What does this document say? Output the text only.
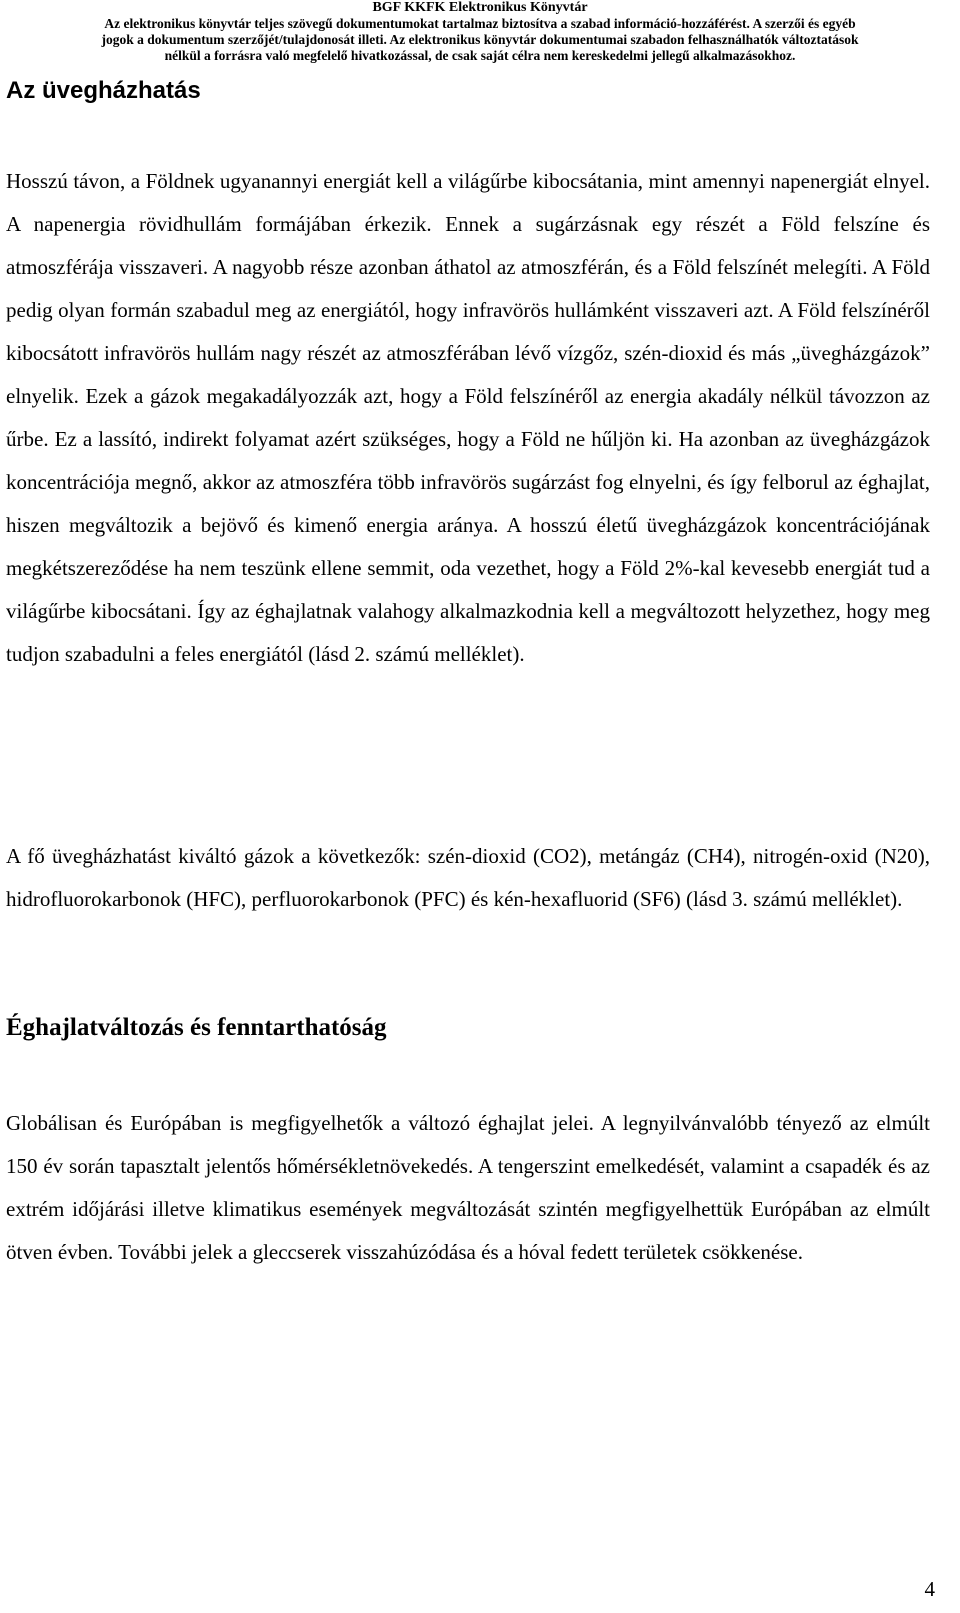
BGF KKFK Elektronikus Könyvtár
Az elektronikus könyvtár teljes szövegű dokumentumokat tartalmaz biztosítva a szabad információ-hozzáférést. A szerzői és egyéb
jogok a dokumentum szerzőjét/tulajdonosát illeti. Az elektronikus könyvtár dokumentumai szabadon felhasználhatók változtatások
nélkül a forrásra való megfelelő hivatkozással, de csak saját célra nem kereskedelmi jellegű alkalmazásokhoz.
Az üvegházhatás

Hosszú távon, a Földnek ugyanannyi energiát kell a világűrbe kibocsátania, mint amennyi napenergiát elnyel. A napenergia rövidhullám formájában érkezik. Ennek a sugárzásnak egy részét a Föld felszíne és atmoszférája visszaveri. A nagyobb része azonban áthatol az atmoszférán, és a Föld felszínét melegíti. A Föld pedig olyan formán szabadul meg az energiától, hogy infravörös hullámként visszaveri azt. A Föld felszínéről kibocsátott infravörös hullám nagy részét az atmoszférában lévő vízgőz, szén-dioxid és más „üvegházgázok” elnyelik. Ezek a gázok megakadályozzák azt, hogy a Föld felszínéről az energia akadály nélkül távozzon az űrbe. Ez a lassító, indirekt folyamat azért szükséges, hogy a Föld ne hűljön ki. Ha azonban az üvegházgázok koncentrációja megnő, akkor az atmoszféra több infravörös sugárzást fog elnyelni, és így felborul az éghajlat, hiszen megváltozik a bejövő és kimenő energia aránya. A hosszú életű üvegházgázok koncentrációjának megkétszereződése ha nem teszünk ellene semmit, oda vezethet, hogy a Föld 2%-kal kevesebb energiát tud a világűrbe kibocsátani. Így az éghajlatnak valahogy alkalmazkodnia kell a megváltozott helyzethez, hogy meg tudjon szabadulni a feles energiától (lásd 2. számú melléklet).

A fő üvegházhatást kiváltó gázok a következők: szén-dioxid (CO2), metángáz (CH4), nitrogén-oxid (N20), hidrofluorokarbonok (HFC), perfluorokarbonok (PFC) és kén-hexafluorid (SF6) (lásd 3. számú melléklet).

Éghajlatváltozás és fenntarthatóság

Globálisan és Európában is megfigyelhetők a változó éghajlat jelei. A legnyilvánvalóbb tényező az elmúlt 150 év során tapasztalt jelentős hőmérsékletnövekedés. A tengerszint emelkedését, valamint a csapadék és az extrém időjárási illetve klimatikus események megváltozását szintén megfigyelhettük Európában az elmúlt ötven évben. További jelek a gleccserek visszahúzódása és a hóval fedett területek csökkenése.

4
